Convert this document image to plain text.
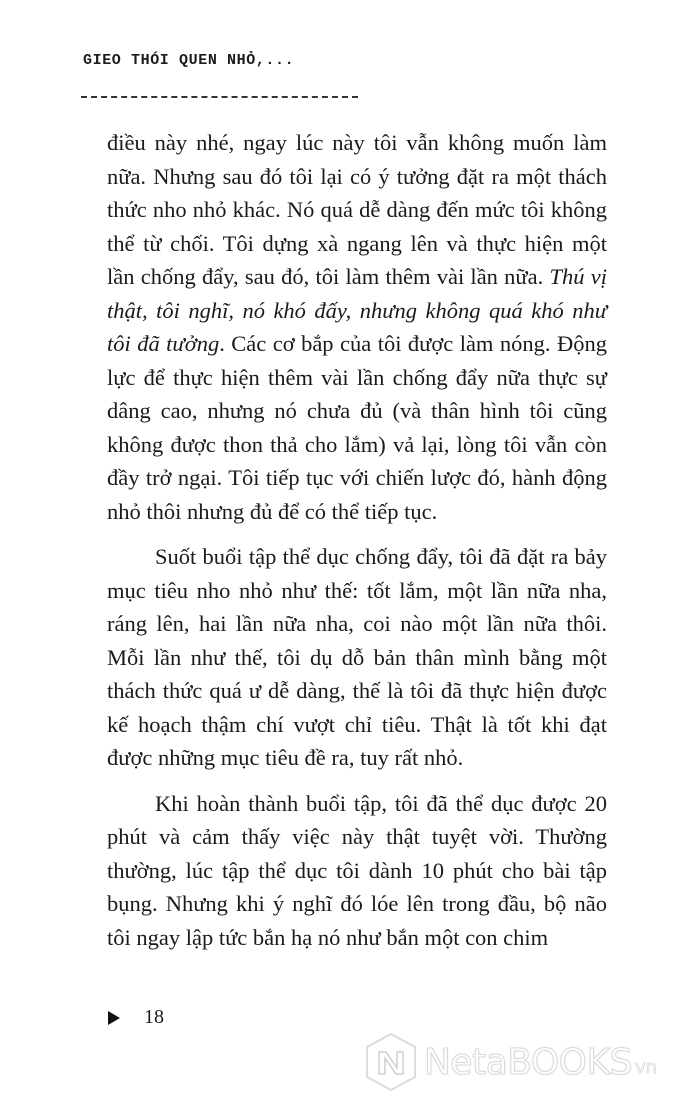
GIEO THÓI QUEN NHỎ,...

điều này nhé, ngay lúc này tôi vẫn không muốn làm nữa. Nhưng sau đó tôi lại có ý tưởng đặt ra một thách thức nho nhỏ khác. Nó quá dễ dàng đến mức tôi không thể từ chối. Tôi dựng xà ngang lên và thực hiện một lần chống đẩy, sau đó, tôi làm thêm vài lần nữa. Thú vị thật, tôi nghĩ, nó khó đấy, nhưng không quá khó như tôi đã tưởng. Các cơ bắp của tôi được làm nóng. Động lực để thực hiện thêm vài lần chống đẩy nữa thực sự dâng cao, nhưng nó chưa đủ (và thân hình tôi cũng không được thon thả cho lắm) vả lại, lòng tôi vẫn còn đầy trở ngại. Tôi tiếp tục với chiến lược đó, hành động nhỏ thôi nhưng đủ để có thể tiếp tục.

Suốt buổi tập thể dục chống đẩy, tôi đã đặt ra bảy mục tiêu nho nhỏ như thế: tốt lắm, một lần nữa nha, ráng lên, hai lần nữa nha, coi nào một lần nữa thôi. Mỗi lần như thế, tôi dụ dỗ bản thân mình bằng một thách thức quá ư dễ dàng, thế là tôi đã thực hiện được kế hoạch thậm chí vượt chỉ tiêu. Thật là tốt khi đạt được những mục tiêu đề ra, tuy rất nhỏ.

Khi hoàn thành buổi tập, tôi đã thể dục được 20 phút và cảm thấy việc này thật tuyệt vời. Thường thường, lúc tập thể dục tôi dành 10 phút cho bài tập bụng. Nhưng khi ý nghĩ đó lóe lên trong đầu, bộ não tôi ngay lập tức bắn hạ nó như bắn một con chim

18
NetaBOOKS vn
